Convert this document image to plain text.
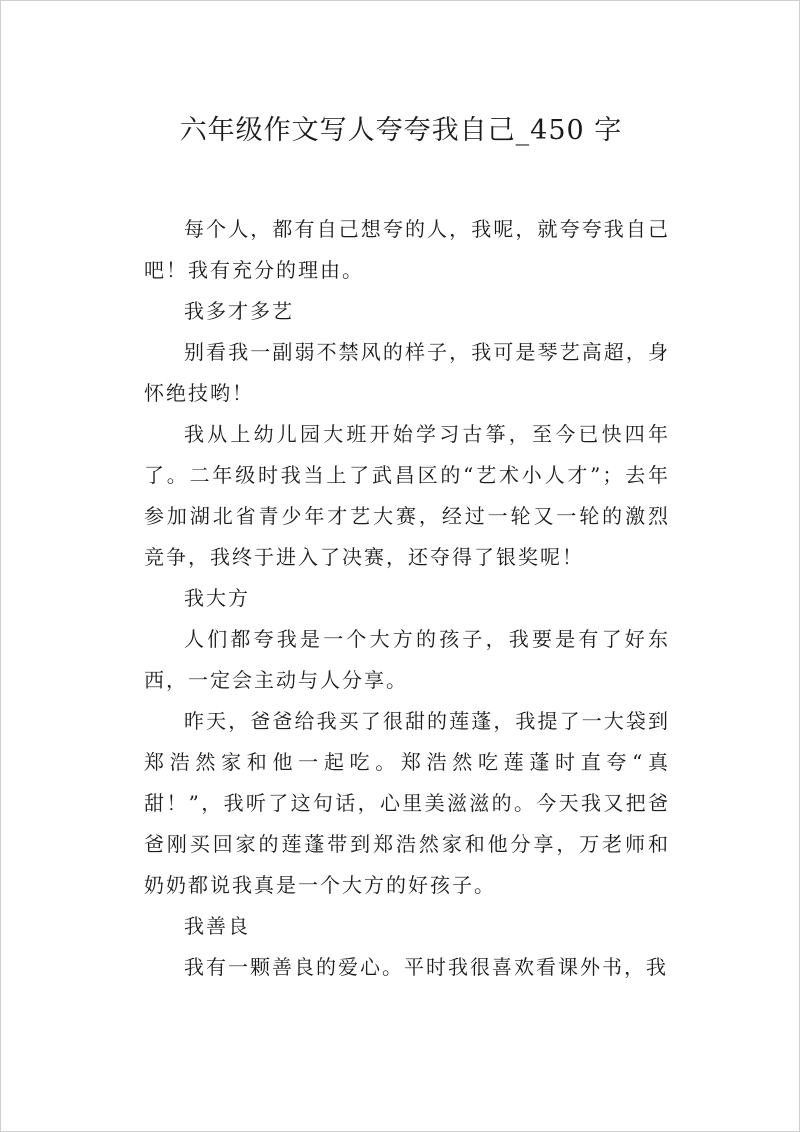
六年级作文写人夸夸我自己_450 字

每个人，都有自己想夸的人，我呢，就夸夸我自己吧！我有充分的理由。

我多才多艺

别看我一副弱不禁风的样子，我可是琴艺高超，身怀绝技哟！

我从上幼儿园大班开始学习古筝，至今已快四年了。二年级时我当上了武昌区的“艺术小人才”；去年参加湖北省青少年才艺大赛，经过一轮又一轮的激烈竞争，我终于进入了决赛，还夺得了银奖呢！

我大方

人们都夸我是一个大方的孩子，我要是有了好东西，一定会主动与人分享。

昨天，爸爸给我买了很甜的莲蓬，我提了一大袋到郑浩然家和他一起吃。郑浩然吃莲蓬时直夸“真甜！”，我听了这句话，心里美滋滋的。今天我又把爸爸刚买回家的莲蓬带到郑浩然家和他分享，万老师和奶奶都说我真是一个大方的好孩子。

我善良

我有一颗善良的爱心。平时我很喜欢看课外书，我
